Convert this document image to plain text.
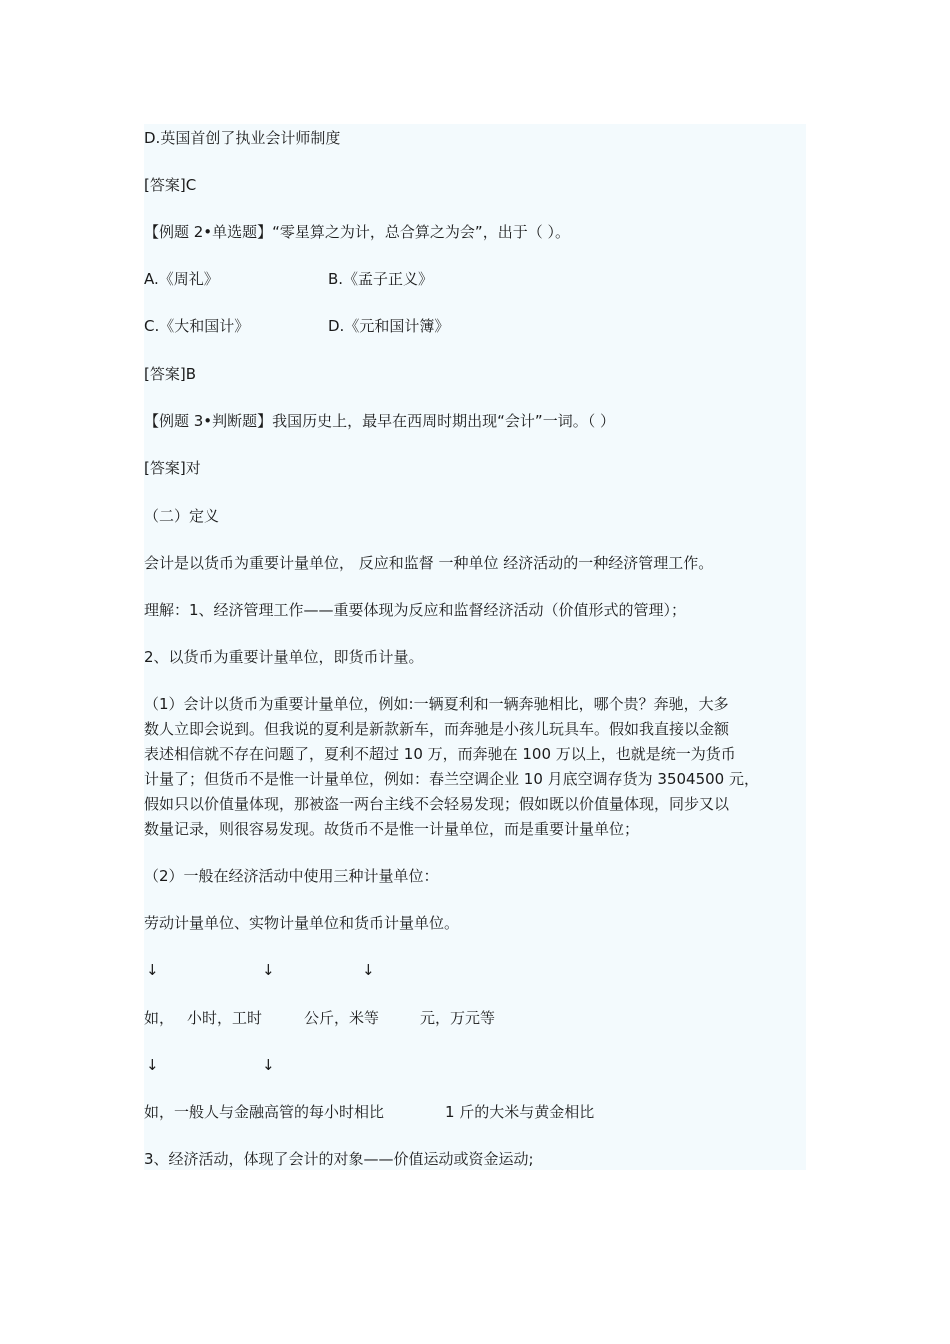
D.英国首创了执业会计师制度
[答案]C
【例题 2•单选题】“零星算之为计，总合算之为会”，出于（ ）。
A.《周礼》	B.《孟子正义》
C.《大和国计》	D.《元和国计簿》
[答案]B
【例题 3•判断题】我国历史上，最早在西周时期出现“会计”一词。（ ）
[答案]对
（二）定义
会计是以货币为重要计量单位， 反应和监督 一种单位 经济活动的一种经济管理工作。
理解：1、经济管理工作——重要体现为反应和监督经济活动（价值形式的管理）；
2、以货币为重要计量单位，即货币计量。
（1）会计以货币为重要计量单位，例如:一辆夏利和一辆奔驰相比，哪个贵？奔驰，大多
数人立即会说到。但我说的夏利是新款新车，而奔驰是小孩儿玩具车。假如我直接以金额
表述相信就不存在问题了，夏利不超过 10 万，而奔驰在 100 万以上，也就是统一为货币
计量了；但货币不是惟一计量单位，例如：春兰空调企业 10 月底空调存货为 3504500 元，
假如只以价值量体现，那被盗一两台主线不会轻易发现；假如既以价值量体现，同步又以
数量记录，则很容易发现。故货币不是惟一计量单位，而是重要计量单位；
（2）一般在经济活动中使用三种计量单位：
劳动计量单位、实物计量单位和货币计量单位。
↓	↓	↓
如， 小时，工时	公斤，米等	元，万元等
↓	↓
如，一般人与金融高管的每小时相比	1 斤的大米与黄金相比
3、经济活动，体现了会计的对象——价值运动或资金运动;
